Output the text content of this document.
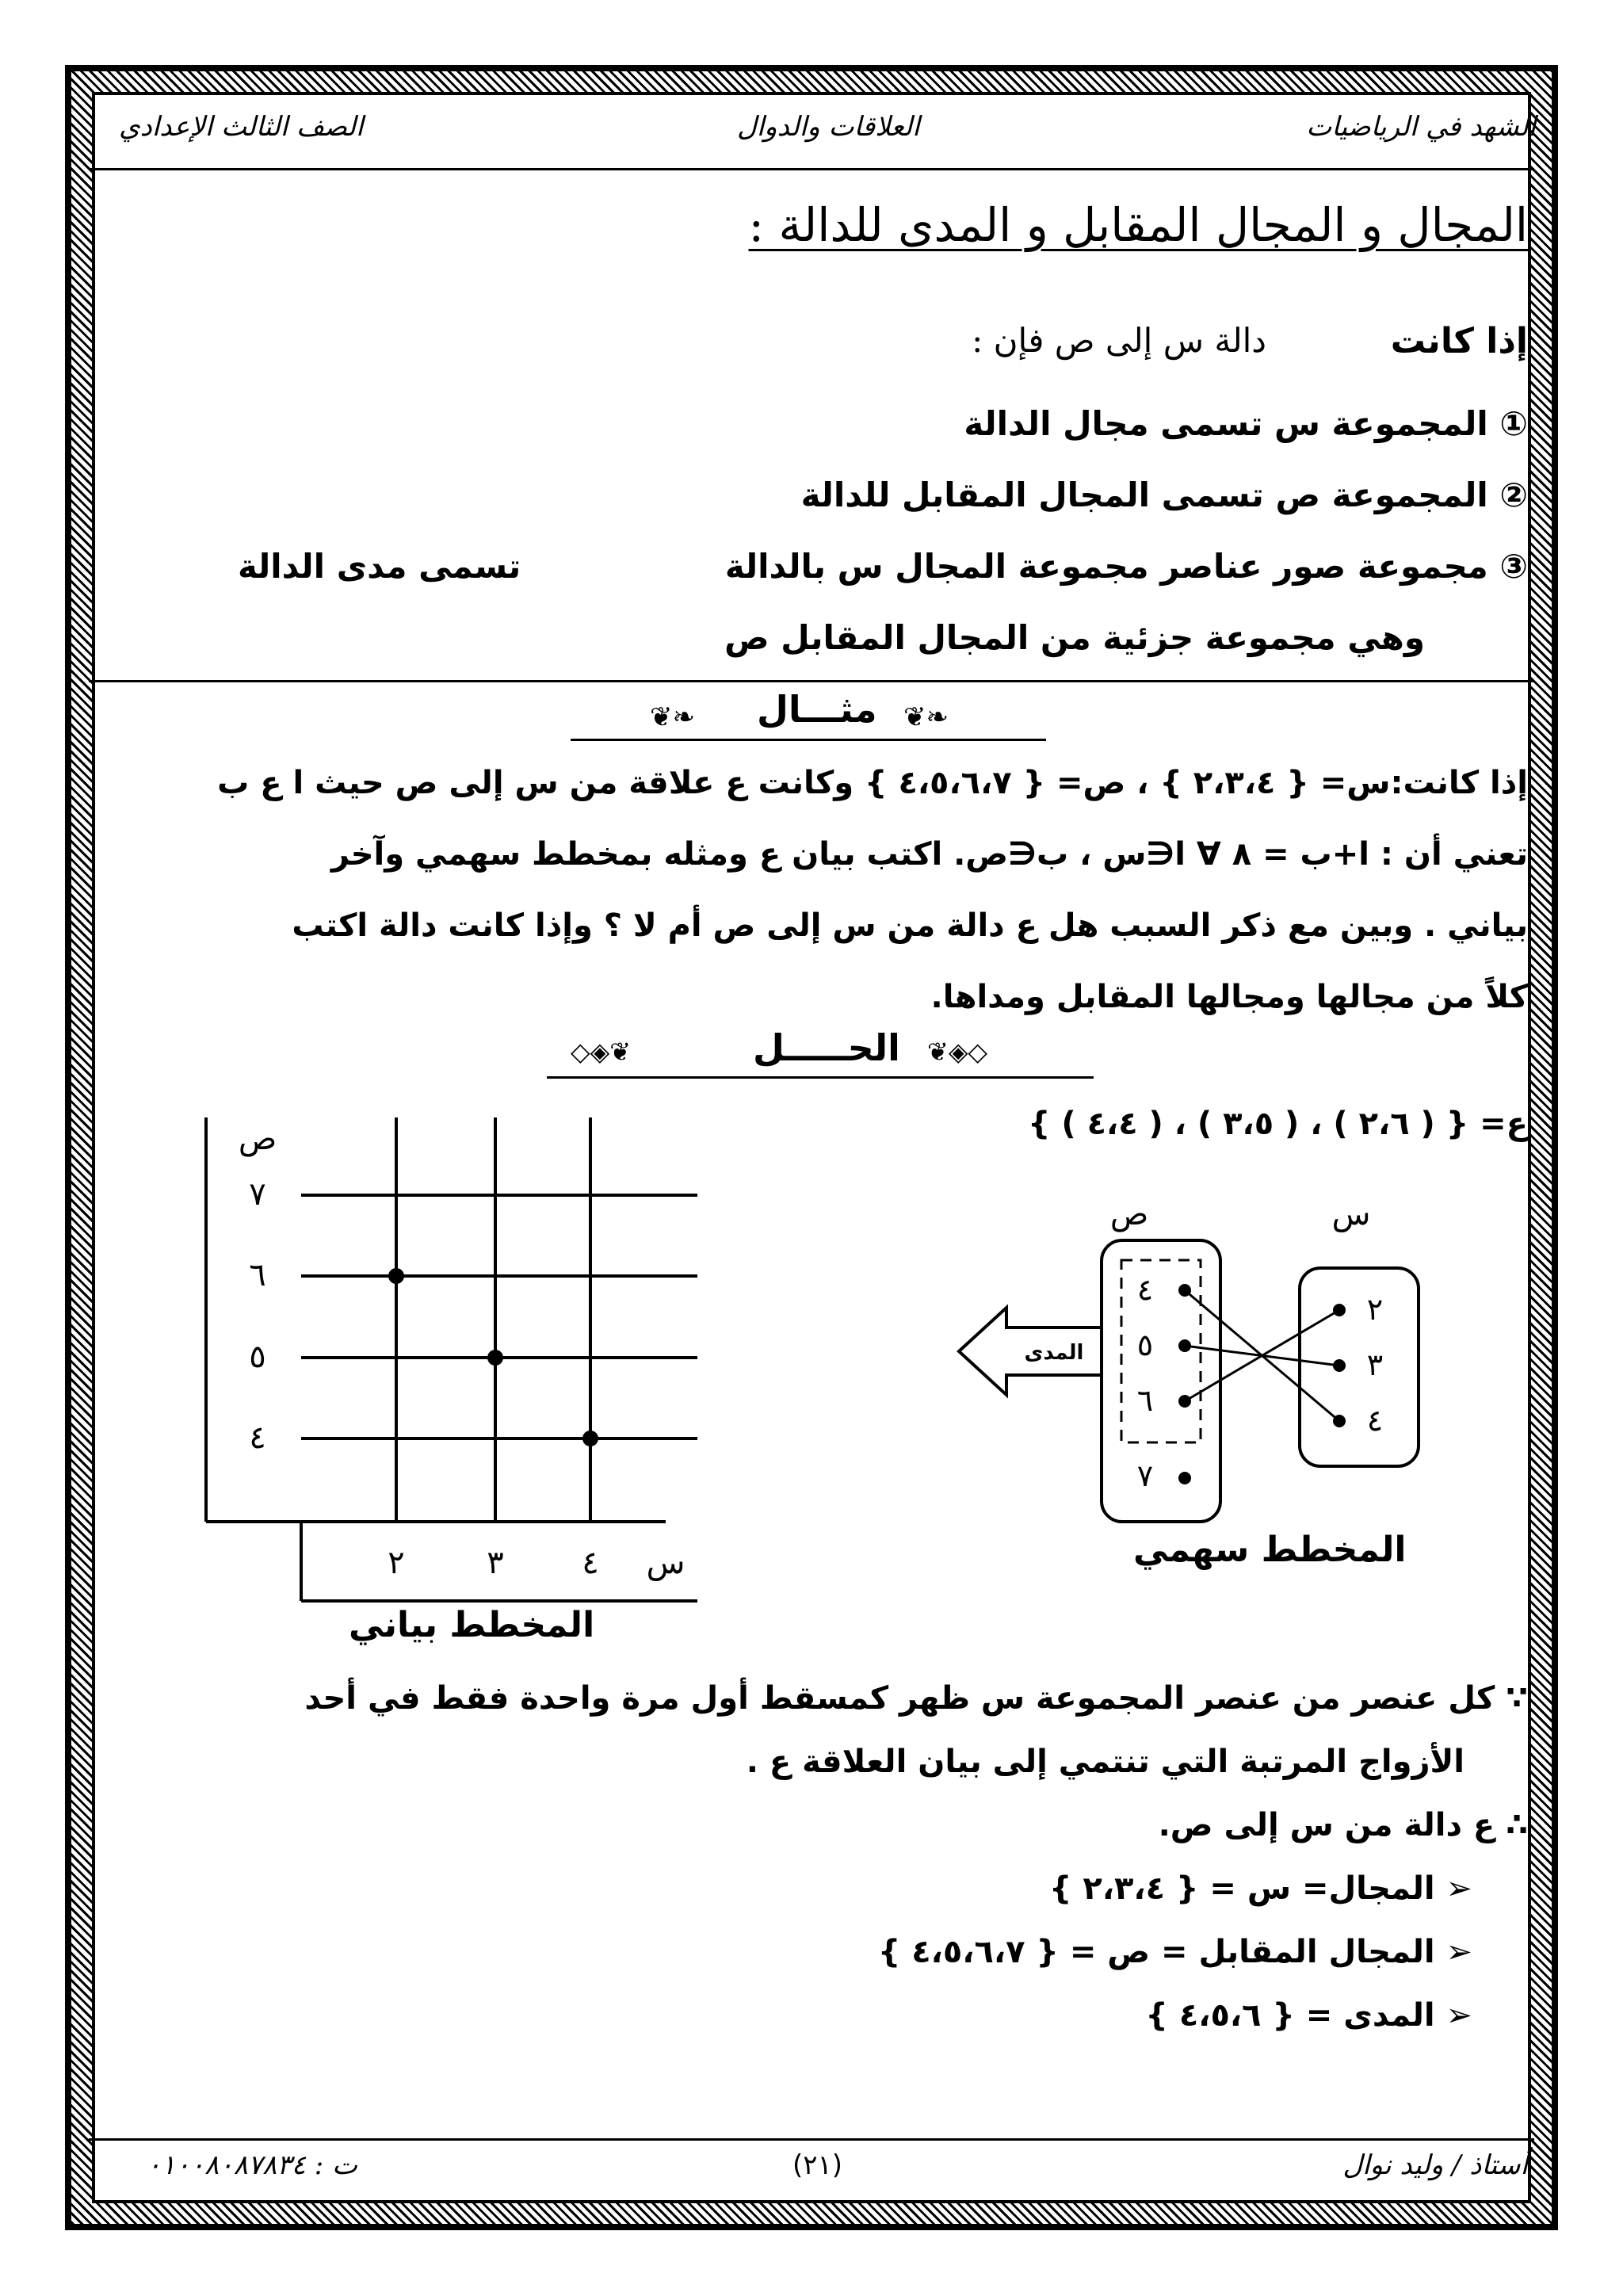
الصف الثالث الإعدادي	العلاقات والدوال	الشهد في الرياضيات
المجال و المجال المقابل و المدى للدالة :
إذا كانت
دالة س إلى ص فإن :
① المجموعة س تسمى مجال الدالة
② المجموعة ص تسمى المجال المقابل للدالة
③ مجموعة صور عناصر مجموعة المجال س بالدالة
تسمى مدى الدالة
وهي مجموعة جزئية من المجال المقابل ص
مثـــال
❦❧	❦❧
إذا كانت:س= { ٢،٣،٤ } ، ص= { ٤،٥،٦،٧ } وكانت ع علاقة من س إلى ص حيث ا ع ب
تعني أن : ا+ب = ٨ ∀ ا∈س ، ب∈ص. اكتب بيان ع ومثله بمخطط سهمي وآخر
بياني . وبين مع ذكر السبب هل ع دالة من س إلى ص أم لا ؟ وإذا كانت دالة اكتب
كلاً من مجالها ومجالها المقابل ومداها.
الحـــــل
◇◈❦	❦◈◇
ع= { ( ٢،٦ ) ، ( ٣،٥ ) ، ( ٤،٤ ) }
ص
٧
٦
٥
٤
٢	٣ ٤ س
المخطط بياني
ص	س
٤
٥
٦
٧
٢
٣
٤
المدى
المخطط سهمي
∵ كل عنصر من عنصر المجموعة س ظهر كمسقط أول مرة واحدة فقط في أحد
الأزواج المرتبة التي تنتمي إلى بيان العلاقة ع .
∴ ع دالة من س إلى ص.
➢ المجال= س = { ٢،٣،٤ }
➢ المجال المقابل = ص = { ٤،٥،٦،٧ }
➢ المدى = { ٤،٥،٦ }
ت : ٠١٠٠٨٠٨٧٨٣٤	(٢١)	أستاذ / وليد نوال
